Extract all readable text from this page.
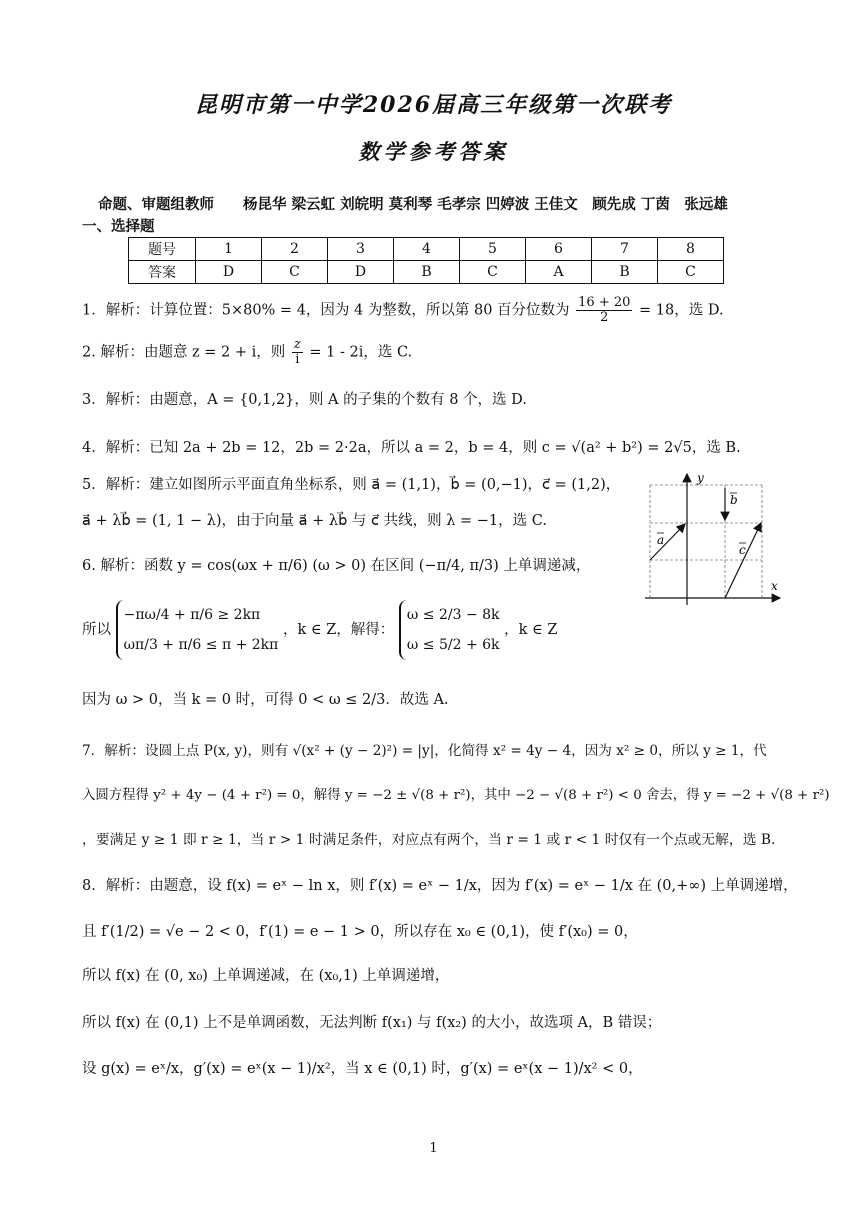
昆明市第一中学2026届高三年级第一次联考
数学参考答案
命题、审题组教师　　杨昆华 梁云虹 刘皖明 莫利琴 毛孝宗 凹婷波 王佳文　顾先成 丁茵　张远雄
一、选择题
题号	1	2	3	4	5	6	7	8
答案	D	C	D	B	C	A	B	C
1．解析：计算位置：5×80% = 4，因为 4 为整数，所以第 80 百分位数为 $\frac{16 + 20}{2} = 18$，选 D.
2. 解析：由题意 z = 2 + i，则 $\frac{z}{i} = 1 - 2i$，选 C.
3．解析：由题意，A = {0,1,2}，则 A 的子集的个数有 8 个，选 D.
4．解析：已知 2a + 2b = 12，2b = 2·2a，所以 a = 2，b = 4，则 c = √(a² + b²) = 2√5，选 B.
5．解析：建立如图所示平面直角坐标系，则 a⃗ = (1,1)，b⃗ = (0,−1)，c⃗ = (1,2)，
a⃗ + λb⃗ = (1, 1 − λ)，由于向量 a⃗ + λb⃗ 与 c⃗ 共线，则 λ = −1，选 C.
6. 解析：函数 y = cos(ωx + π/6) (ω > 0) 在区间 (−π/4, π/3) 上单调递减，
所以
−πω/4 + π/6 ≥ 2kπ
ωπ/3 + π/6 ≤ π + 2kπ
，k ∈ Z，解得：
ω ≤ 2/3 − 8k
ω ≤ 5/2 + 6k
，k ∈ Z
因为 ω > 0，当 k = 0 时，可得 0 < ω ≤ 2/3．故选 A.
7．解析：设圆上点 P(x, y)，则有 √(x² + (y − 2)²) = |y|，化简得 x² = 4y − 4，因为 x² ≥ 0，所以 y ≥ 1，代
入圆方程得 y² + 4y − (4 + r²) = 0，解得 y = −2 ± √(8 + r²)，其中 −2 − √(8 + r²) < 0 舍去，得 y = −2 + √(8 + r²)
，要满足 y ≥ 1 即 r ≥ 1，当 r > 1 时满足条件，对应点有两个，当 r = 1 或 r < 1 时仅有一个点或无解，选 B.
8．解析：由题意，设 f(x) = eˣ − ln x，则 f′(x) = eˣ − 1/x，因为 f′(x) = eˣ − 1/x 在 (0,+∞) 上单调递增，
且 f′(1/2) = √e − 2 < 0，f′(1) = e − 1 > 0，所以存在 x₀ ∈ (0,1)，使 f′(x₀) = 0，
所以 f(x) 在 (0, x₀) 上单调递减，在 (x₀,1) 上单调递增，
所以 f(x) 在 (0,1) 上不是单调函数，无法判断 f(x₁) 与 f(x₂) 的大小，故选项 A，B 错误；
设 g(x) = eˣ/x，g′(x) = eˣ(x − 1)/x²，当 x ∈ (0,1) 时，g′(x) = eˣ(x − 1)/x² < 0，
y
x
a
b
c
1
